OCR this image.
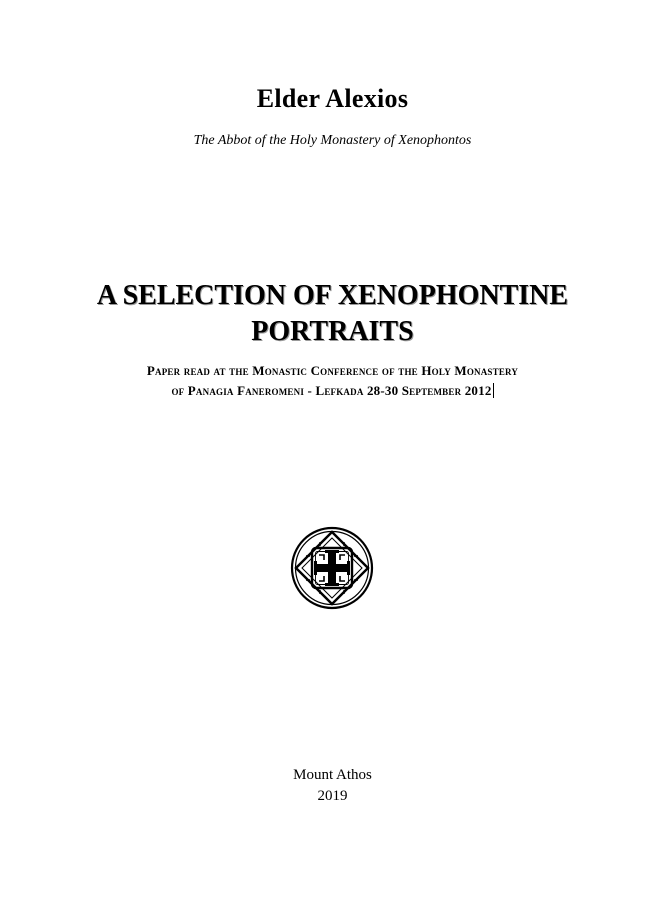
Elder Alexios
The Abbot of the Holy Monastery of Xenophontos
A SELECTION OF XENOPHONTINE
PORTRAITS
Paper read at the Monastic Conference of the Holy Monastery
of Panagia Faneromeni - Lefkada 28-30 September 2012
Mount Athos
2019
